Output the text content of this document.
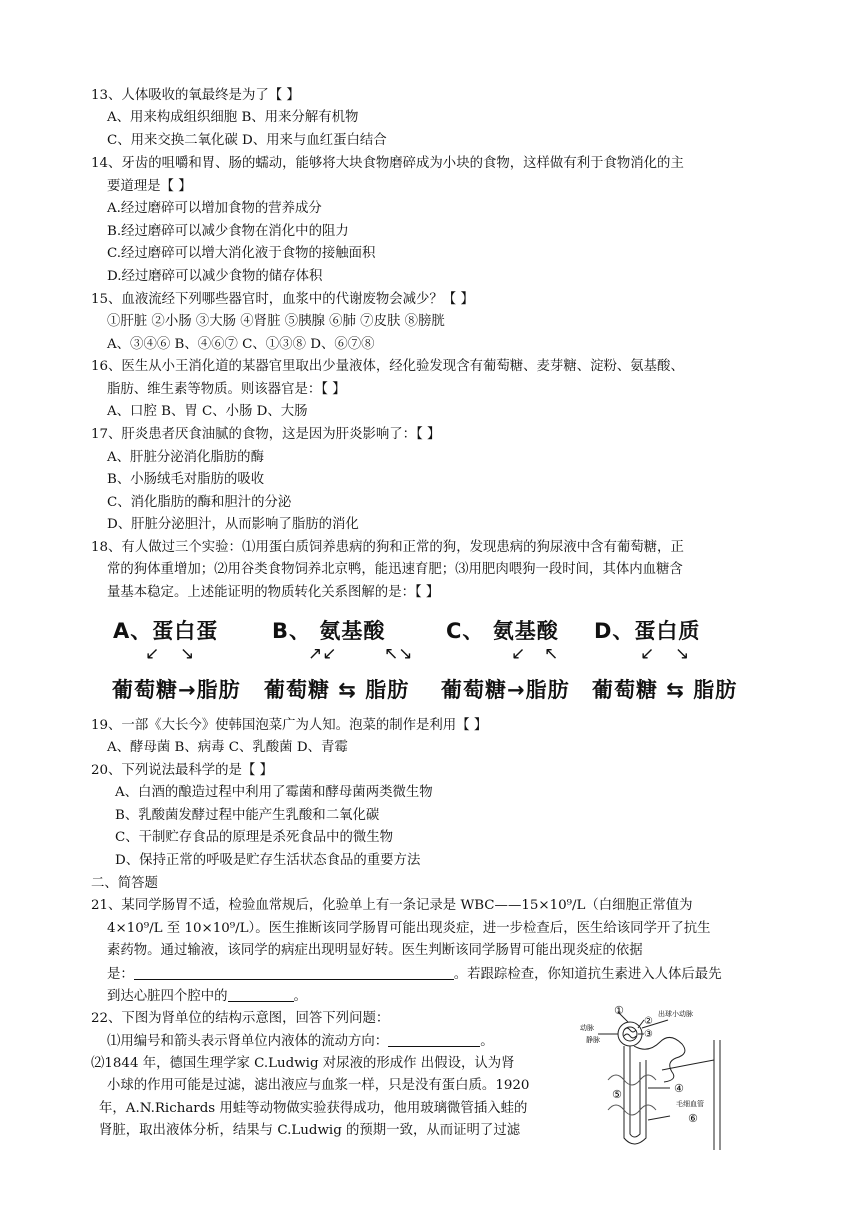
13、人体吸收的氧最终是为了【 】
A、用来构成组织细胞 B、用来分解有机物
C、用来交换二氧化碳 D、用来与血红蛋白结合
14、牙齿的咀嚼和胃、肠的蠕动，能够将大块食物磨碎成为小块的食物，这样做有利于食物消化的主
要道理是【 】
A.经过磨碎可以增加食物的营养成分
B.经过磨碎可以减少食物在消化中的阻力
C.经过磨碎可以增大消化液于食物的接触面积
D.经过磨碎可以减少食物的储存体积
15、血液流经下列哪些器官时，血浆中的代谢废物会减少？【 】
①肝脏 ②小肠 ③大肠 ④肾脏 ⑤胰腺 ⑥肺 ⑦皮肤 ⑧膀胱
A、③④⑥ B、④⑥⑦ C、①③⑧ D、⑥⑦⑧
16、医生从小王消化道的某器官里取出少量液体，经化验发现含有葡萄糖、麦芽糖、淀粉、氨基酸、
脂肪、维生素等物质。则该器官是：【 】
A、口腔 B、胃 C、小肠 D、大肠
17、肝炎患者厌食油腻的食物，这是因为肝炎影响了：【 】
A、肝脏分泌消化脂肪的酶
B、小肠绒毛对脂肪的吸收
C、消化脂肪的酶和胆汁的分泌
D、肝脏分泌胆汁，从而影响了脂肪的消化
18、有人做过三个实验：⑴用蛋白质饲养患病的狗和正常的狗，发现患病的狗尿液中含有葡萄糖，正
常的狗体重增加；⑵用谷类食物饲养北京鸭，能迅速育肥；⑶用肥肉喂狗一段时间，其体内血糖含
量基本稳定。上述能证明的物质转化关系图解的是：【 】
A、蛋白蛋	B、 氨基酸	C、 氨基酸 D、蛋白质
↙ ↘	↗↙	↖↘	↙ ↖	↙ ↘
葡萄糖→脂肪 葡萄糖 ⇆ 脂肪 葡萄糖→脂肪 葡萄糖 ⇆ 脂肪
19、一部《大长今》使韩国泡菜广为人知。泡菜的制作是利用【 】
A、酵母菌 B、病毒 C、乳酸菌 D、青霉
20、下列说法最科学的是【 】
A、白酒的酿造过程中利用了霉菌和酵母菌两类微生物
B、乳酸菌发酵过程中能产生乳酸和二氧化碳
C、干制贮存食品的原理是杀死食品中的微生物
D、保持正常的呼吸是贮存生活状态食品的重要方法
二、简答题
21、某同学肠胃不适，检验血常规后，化验单上有一条记录是 WBC——15×10⁹/L（白细胞正常值为
4×10⁹/L 至 10×10⁹/L）。医生推断该同学肠胃可能出现炎症，进一步检查后，医生给该同学开了抗生
素药物。通过输液，该同学的病症出现明显好转。医生判断该同学肠胃可能出现炎症的依据
是：	。若跟踪检查，你知道抗生素进入人体后最先
到达心脏四个腔中的	。
22、下图为肾单位的结构示意图，回答下列问题：
⑴用编号和箭头表示肾单位内液体的流动方向：	。
⑵1844 年，德国生理学家 C.Ludwig 对尿液的形成作 出假设，认为肾
小球的作用可能是过滤，滤出液应与血浆一样，只是没有蛋白质。1920
年，A.N.Richards 用蛙等动物做实验获得成功，他用玻璃微管插入蛙的
肾脏，取出液体分析，结果与 C.Ludwig 的预期一致，从而证明了过滤
①
②
③
④
⑤
⑥
出球小动脉
动脉
静脉
毛细血管
